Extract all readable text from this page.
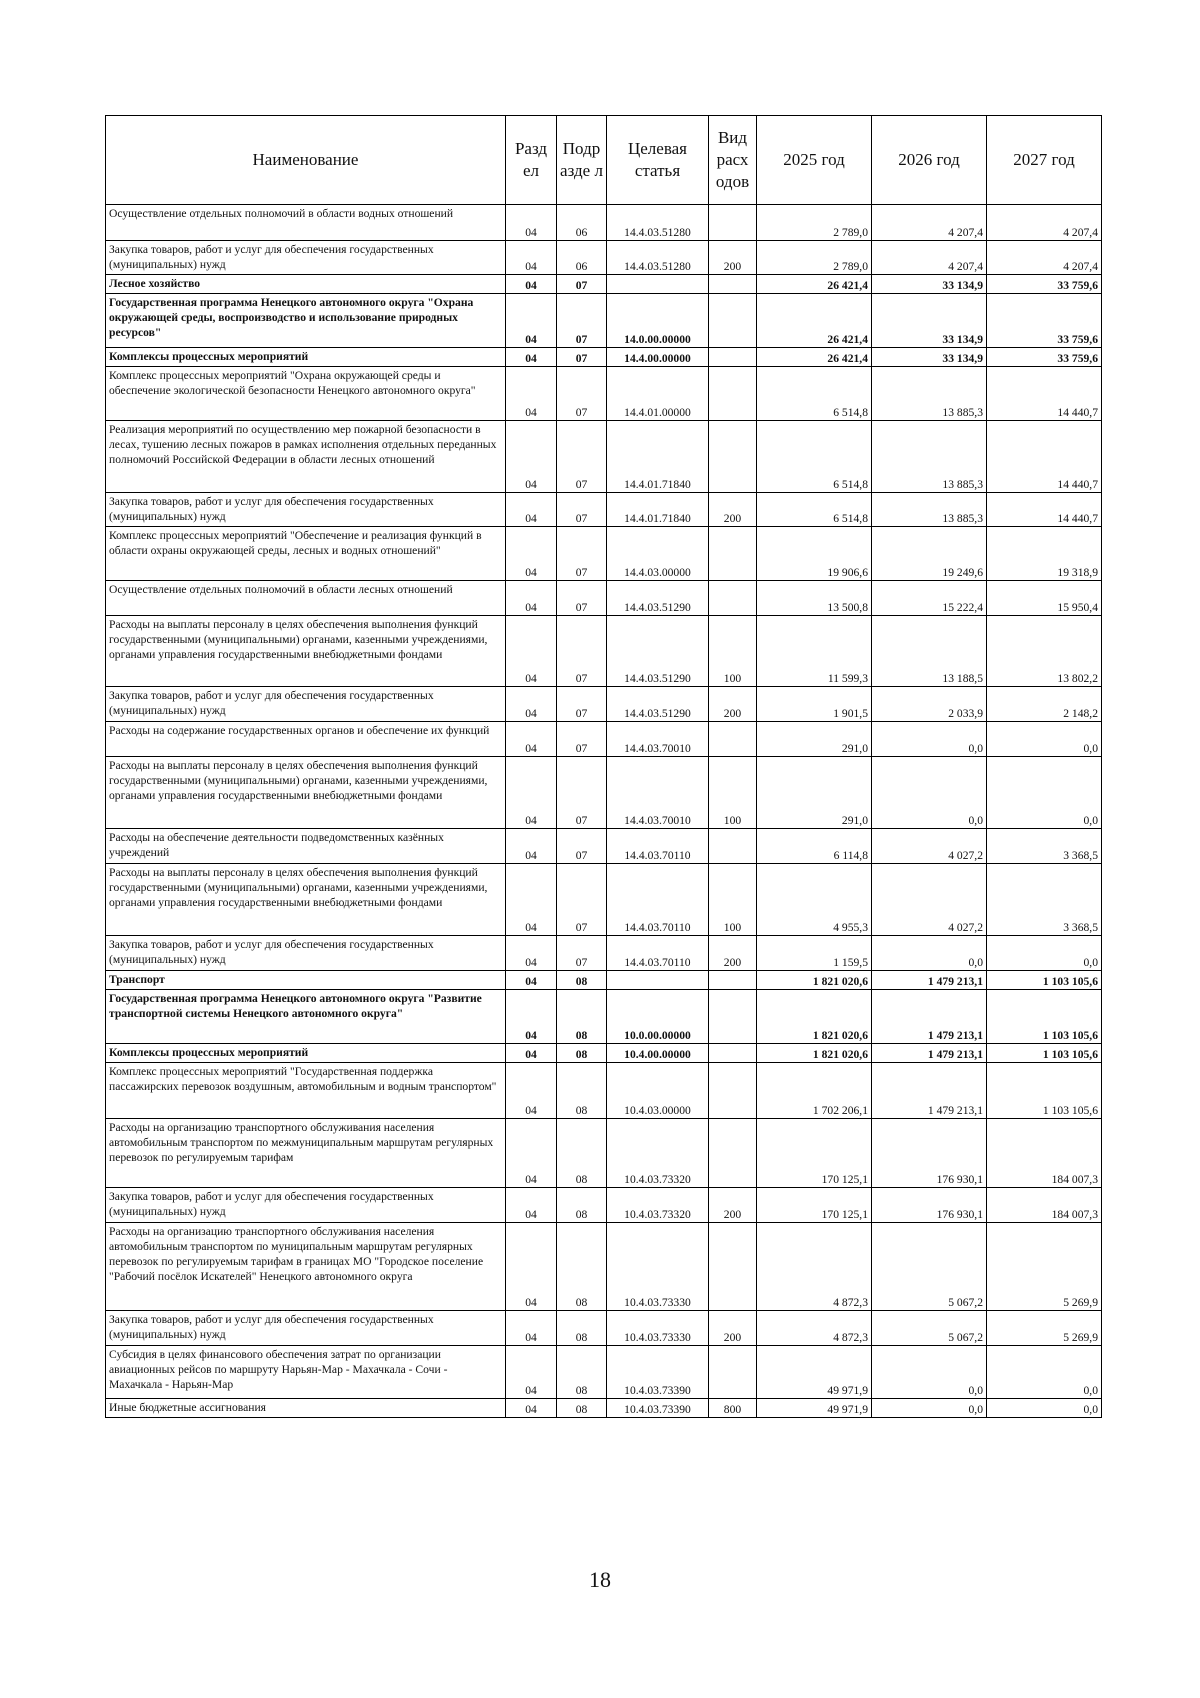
Наименование	Разд ел	Подр азде л	Целевая статья	Вид расх одов	2025 год	2026 год	2027 год
Осуществление отдельных полномочий в области водных отношений	04	06	14.4.03.51280		2 789,0	4 207,4	4 207,4
Закупка товаров, работ и услуг для обеспечения государственных (муниципальных) нужд	04	06	14.4.03.51280	200	2 789,0	4 207,4	4 207,4
Лесное хозяйство	04	07			26 421,4	33 134,9	33 759,6
Государственная программа Ненецкого автономного округа "Охрана окружающей среды, воспроизводство и использование природных ресурсов"	04	07	14.0.00.00000		26 421,4	33 134,9	33 759,6
Комплексы процессных мероприятий	04	07	14.4.00.00000		26 421,4	33 134,9	33 759,6
Комплекс процессных мероприятий "Охрана окружающей среды и обеспечение экологической безопасности Ненецкого автономного округа"	04	07	14.4.01.00000		6 514,8	13 885,3	14 440,7
Реализация мероприятий по осуществлению мер пожарной безопасности в лесах, тушению лесных пожаров в рамках исполнения отдельных переданных полномочий Российской Федерации в области лесных отношений	04	07	14.4.01.71840		6 514,8	13 885,3	14 440,7
Закупка товаров, работ и услуг для обеспечения государственных (муниципальных) нужд	04	07	14.4.01.71840	200	6 514,8	13 885,3	14 440,7
Комплекс процессных мероприятий "Обеспечение и реализация функций в области охраны окружающей среды, лесных и водных отношений"	04	07	14.4.03.00000		19 906,6	19 249,6	19 318,9
Осуществление отдельных полномочий в области лесных отношений	04	07	14.4.03.51290		13 500,8	15 222,4	15 950,4
Расходы на выплаты персоналу в целях обеспечения выполнения функций государственными (муниципальными) органами, казенными учреждениями, органами управления государственными внебюджетными фондами	04	07	14.4.03.51290	100	11 599,3	13 188,5	13 802,2
Закупка товаров, работ и услуг для обеспечения государственных (муниципальных) нужд	04	07	14.4.03.51290	200	1 901,5	2 033,9	2 148,2
Расходы на содержание государственных органов и обеспечение их функций	04	07	14.4.03.70010		291,0	0,0	0,0
Расходы на выплаты персоналу в целях обеспечения выполнения функций государственными (муниципальными) органами, казенными учреждениями, органами управления государственными внебюджетными фондами	04	07	14.4.03.70010	100	291,0	0,0	0,0
Расходы на обеспечение деятельности подведомственных казённых учреждений	04	07	14.4.03.70110		6 114,8	4 027,2	3 368,5
Расходы на выплаты персоналу в целях обеспечения выполнения функций государственными (муниципальными) органами, казенными учреждениями, органами управления государственными внебюджетными фондами	04	07	14.4.03.70110	100	4 955,3	4 027,2	3 368,5
Закупка товаров, работ и услуг для обеспечения государственных (муниципальных) нужд	04	07	14.4.03.70110	200	1 159,5	0,0	0,0
Транспорт	04	08			1 821 020,6	1 479 213,1	1 103 105,6
Государственная программа Ненецкого автономного округа "Развитие транспортной системы Ненецкого автономного округа"	04	08	10.0.00.00000		1 821 020,6	1 479 213,1	1 103 105,6
Комплексы процессных мероприятий	04	08	10.4.00.00000		1 821 020,6	1 479 213,1	1 103 105,6
Комплекс процессных мероприятий "Государственная поддержка пассажирских перевозок воздушным, автомобильным и водным транспортом"	04	08	10.4.03.00000		1 702 206,1	1 479 213,1	1 103 105,6
Расходы на организацию транспортного обслуживания населения автомобильным транспортом по межмуниципальным маршрутам регулярных перевозок по регулируемым тарифам	04	08	10.4.03.73320		170 125,1	176 930,1	184 007,3
Закупка товаров, работ и услуг для обеспечения государственных (муниципальных) нужд	04	08	10.4.03.73320	200	170 125,1	176 930,1	184 007,3
Расходы на организацию транспортного обслуживания населения автомобильным транспортом по муниципальным маршрутам регулярных перевозок по регулируемым тарифам в границах МО "Городское поселение "Рабочий посёлок Искателей" Ненецкого автономного округа	04	08	10.4.03.73330		4 872,3	5 067,2	5 269,9
Закупка товаров, работ и услуг для обеспечения государственных (муниципальных) нужд	04	08	10.4.03.73330	200	4 872,3	5 067,2	5 269,9
Субсидия в целях финансового обеспечения затрат по организации авиационных рейсов по маршруту Нарьян-Мар - Махачкала - Сочи - Махачкала - Нарьян-Мар	04	08	10.4.03.73390		49 971,9	0,0	0,0
Иные бюджетные ассигнования	04	08	10.4.03.73390	800	49 971,9	0,0	0,0
18
